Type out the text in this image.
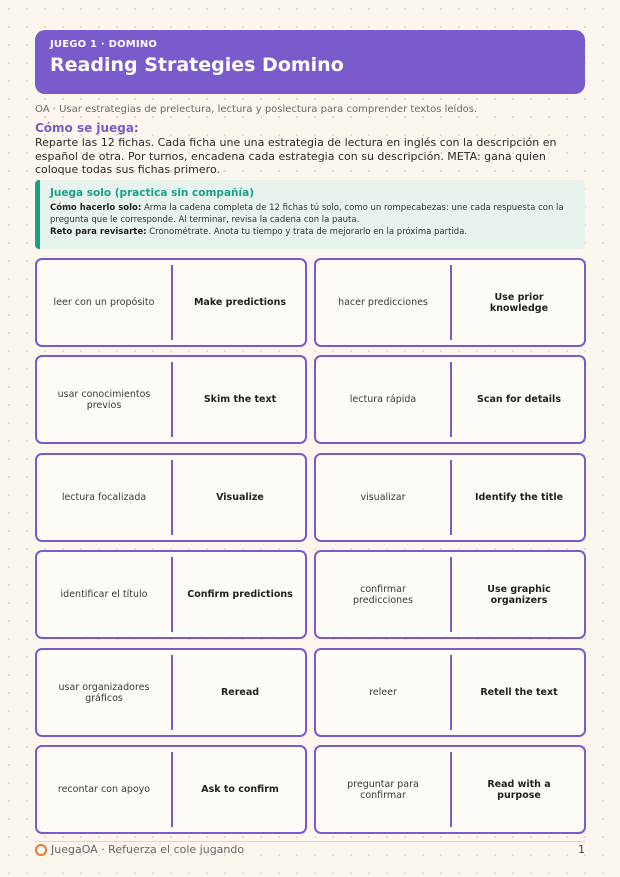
JUEGO 1 · DOMINO
Reading Strategies Domino
OA · Usar estrategias de prelectura, lectura y poslectura para comprender textos leídos.
Cómo se juega:
Reparte las 12 fichas. Cada ficha une una estrategia de lectura en inglés con la descripción en español de otra. Por turnos, encadena cada estrategia con su descripción. META: gana quien coloque todas sus fichas primero.
Juega solo (practica sin compañía)
Cómo hacerlo solo: Arma la cadena completa de 12 fichas tú solo, como un rompecabezas: une cada respuesta con la pregunta que le corresponde. Al terminar, revisa la cadena con la pauta.
Reto para revisarte: Cronométrate. Anota tu tiempo y trata de mejorarlo en la próxima partida.
leer con un propósito	Make predictions	hacer predicciones	Use prior knowledge
usar conocimientos previos	Skim the text	lectura rápida	Scan for details
lectura focalizada	Visualize	visualizar	Identify the title
identificar el título	Confirm predictions	confirmar predicciones
Use graphic organizers
usar organizadores gráficos	Reread	releer	Retell the text
recontar con apoyo	Ask to confirm	preguntar para confirmar
Read with a purpose
JuegaOA · Refuerza el cole jugando	1
